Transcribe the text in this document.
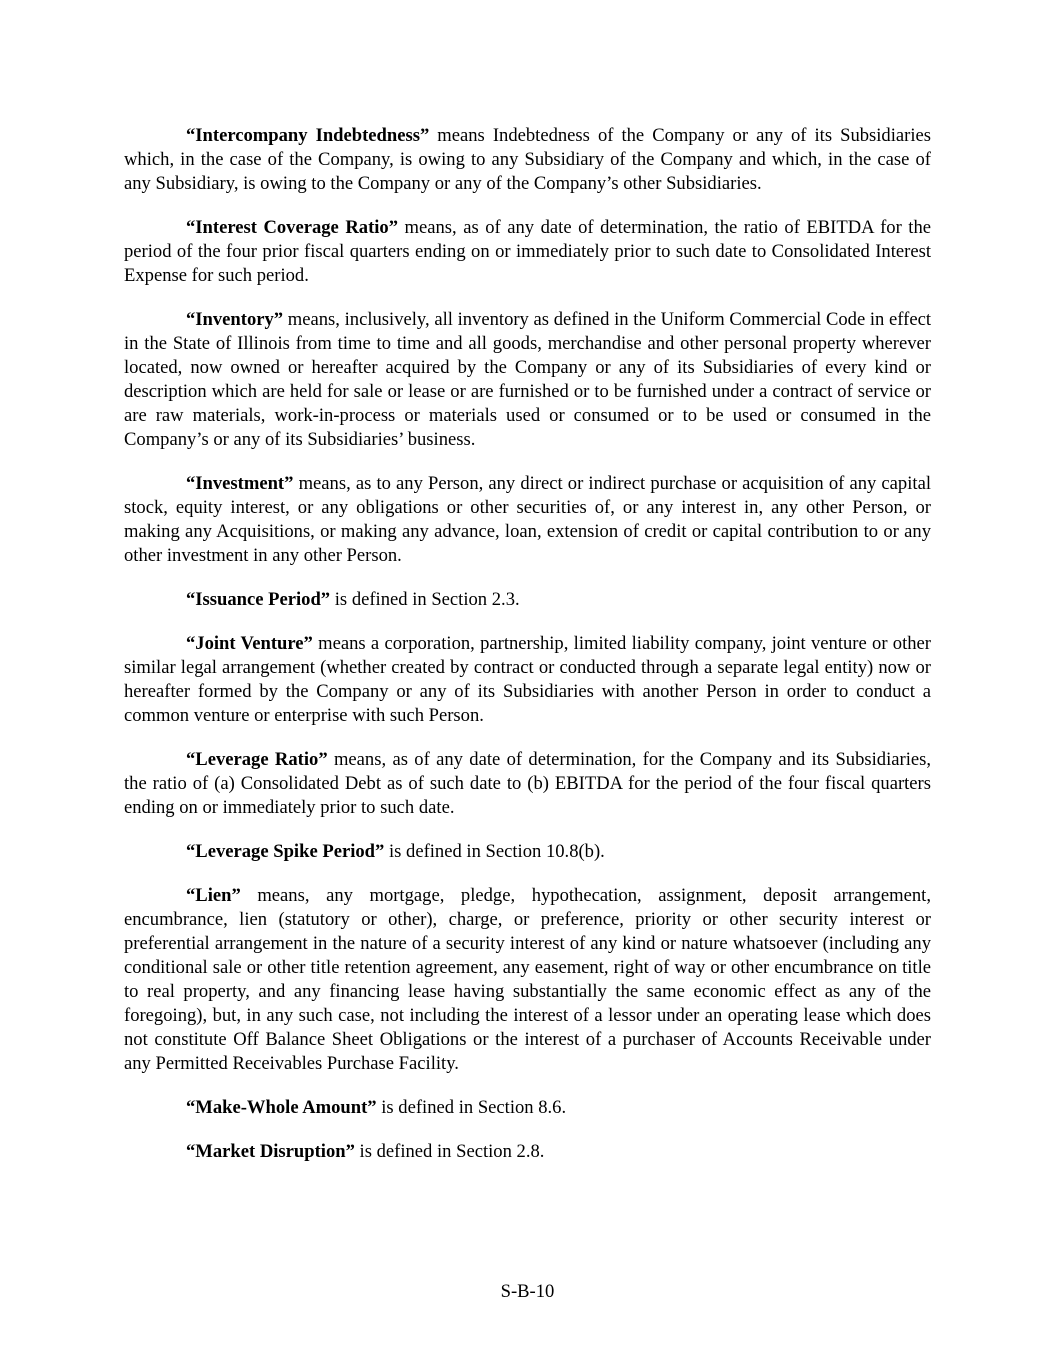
“Intercompany Indebtedness” means Indebtedness of the Company or any of its Subsidiaries which, in the case of the Company, is owing to any Subsidiary of the Company and which, in the case of any Subsidiary, is owing to the Company or any of the Company’s other Subsidiaries.

“Interest Coverage Ratio” means, as of any date of determination, the ratio of EBITDA for the period of the four prior fiscal quarters ending on or immediately prior to such date to Consolidated Interest Expense for such period.

“Inventory” means, inclusively, all inventory as defined in the Uniform Commercial Code in effect in the State of Illinois from time to time and all goods, merchandise and other personal property wherever located, now owned or hereafter acquired by the Company or any of its Subsidiaries of every kind or description which are held for sale or lease or are furnished or to be furnished under a contract of service or are raw materials, work-in-process or materials used or consumed or to be used or consumed in the Company’s or any of its Subsidiaries’ business.

“Investment” means, as to any Person, any direct or indirect purchase or acquisition of any capital stock, equity interest, or any obligations or other securities of, or any interest in, any other Person, or making any Acquisitions, or making any advance, loan, extension of credit or capital contribution to or any other investment in any other Person.

“Issuance Period” is defined in Section 2.3.

“Joint Venture” means a corporation, partnership, limited liability company, joint venture or other similar legal arrangement (whether created by contract or conducted through a separate legal entity) now or hereafter formed by the Company or any of its Subsidiaries with another Person in order to conduct a common venture or enterprise with such Person.

“Leverage Ratio” means, as of any date of determination, for the Company and its Subsidiaries, the ratio of (a) Consolidated Debt as of such date to (b) EBITDA for the period of the four fiscal quarters ending on or immediately prior to such date.

“Leverage Spike Period” is defined in Section 10.8(b).

“Lien” means, any mortgage, pledge, hypothecation, assignment, deposit arrangement, encumbrance, lien (statutory or other), charge, or preference, priority or other security interest or preferential arrangement in the nature of a security interest of any kind or nature whatsoever (including any conditional sale or other title retention agreement, any easement, right of way or other encumbrance on title to real property, and any financing lease having substantially the same economic effect as any of the foregoing), but, in any such case, not including the interest of a lessor under an operating lease which does not constitute Off Balance Sheet Obligations or the interest of a purchaser of Accounts Receivable under any Permitted Receivables Purchase Facility.

“Make-Whole Amount” is defined in Section 8.6.

“Market Disruption” is defined in Section 2.8.

S-B-10
